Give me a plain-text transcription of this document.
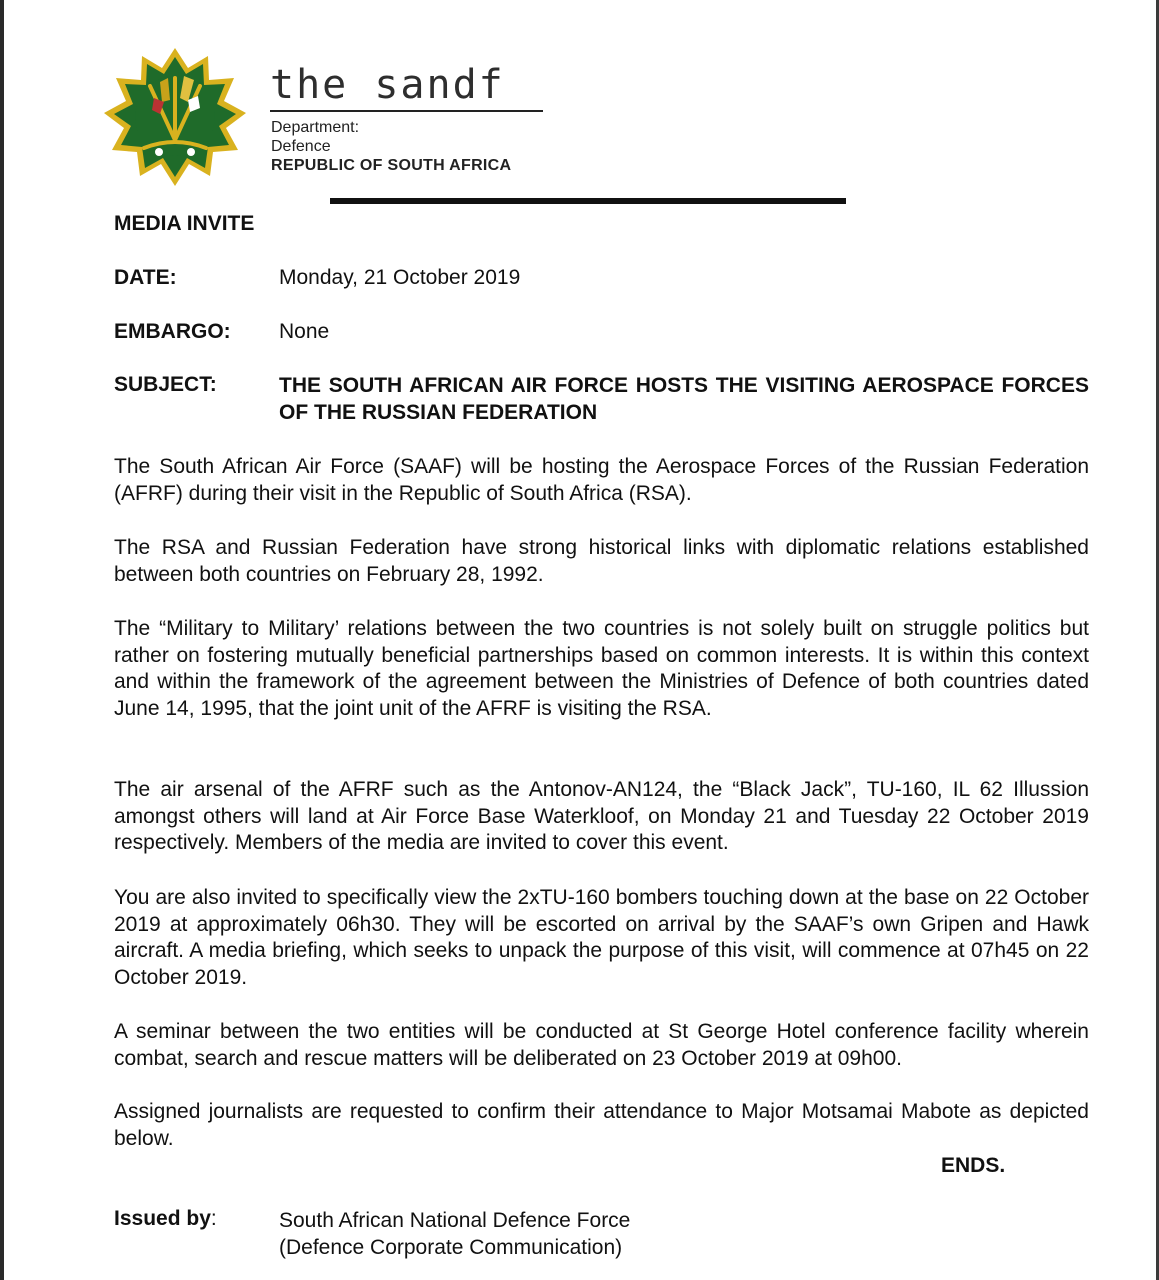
the sandf
Department:
Defence
REPUBLIC OF SOUTH AFRICA
MEDIA INVITE
DATE:	Monday, 21 October 2019
EMBARGO: None
SUBJECT:	THE SOUTH AFRICAN AIR FORCE HOSTS THE VISITING AEROSPACE FORCES OF THE RUSSIAN FEDERATION

The South African Air Force (SAAF) will be hosting the Aerospace Forces of the Russian Federation (AFRF) during their visit in the Republic of South Africa (RSA).

The RSA and Russian Federation have strong historical links with diplomatic relations established between both countries on February 28, 1992.

The “Military to Military’ relations between the two countries is not solely built on struggle politics but rather on fostering mutually beneficial partnerships based on common interests. It is within this context and within the framework of the agreement between the Ministries of Defence of both countries dated June 14, 1995, that the joint unit of the AFRF is visiting the RSA.

The air arsenal of the AFRF such as the Antonov-AN124, the “Black Jack”, TU-160, IL 62 Illussion amongst others will land at Air Force Base Waterkloof, on Monday 21 and Tuesday 22 October 2019 respectively. Members of the media are invited to cover this event.

You are also invited to specifically view the 2xTU-160 bombers touching down at the base on 22 October 2019 at approximately 06h30. They will be escorted on arrival by the SAAF’s own Gripen and Hawk aircraft. A media briefing, which seeks to unpack the purpose of this visit, will commence at 07h45 on 22 October 2019.

A seminar between the two entities will be conducted at St George Hotel conference facility wherein combat, search and rescue matters will be deliberated on 23 October 2019 at 09h00.

Assigned journalists are requested to confirm their attendance to Major Motsamai Mabote as depicted below.

ENDS.
Issued by:	South African National Defence Force
(Defence Corporate Communication)
